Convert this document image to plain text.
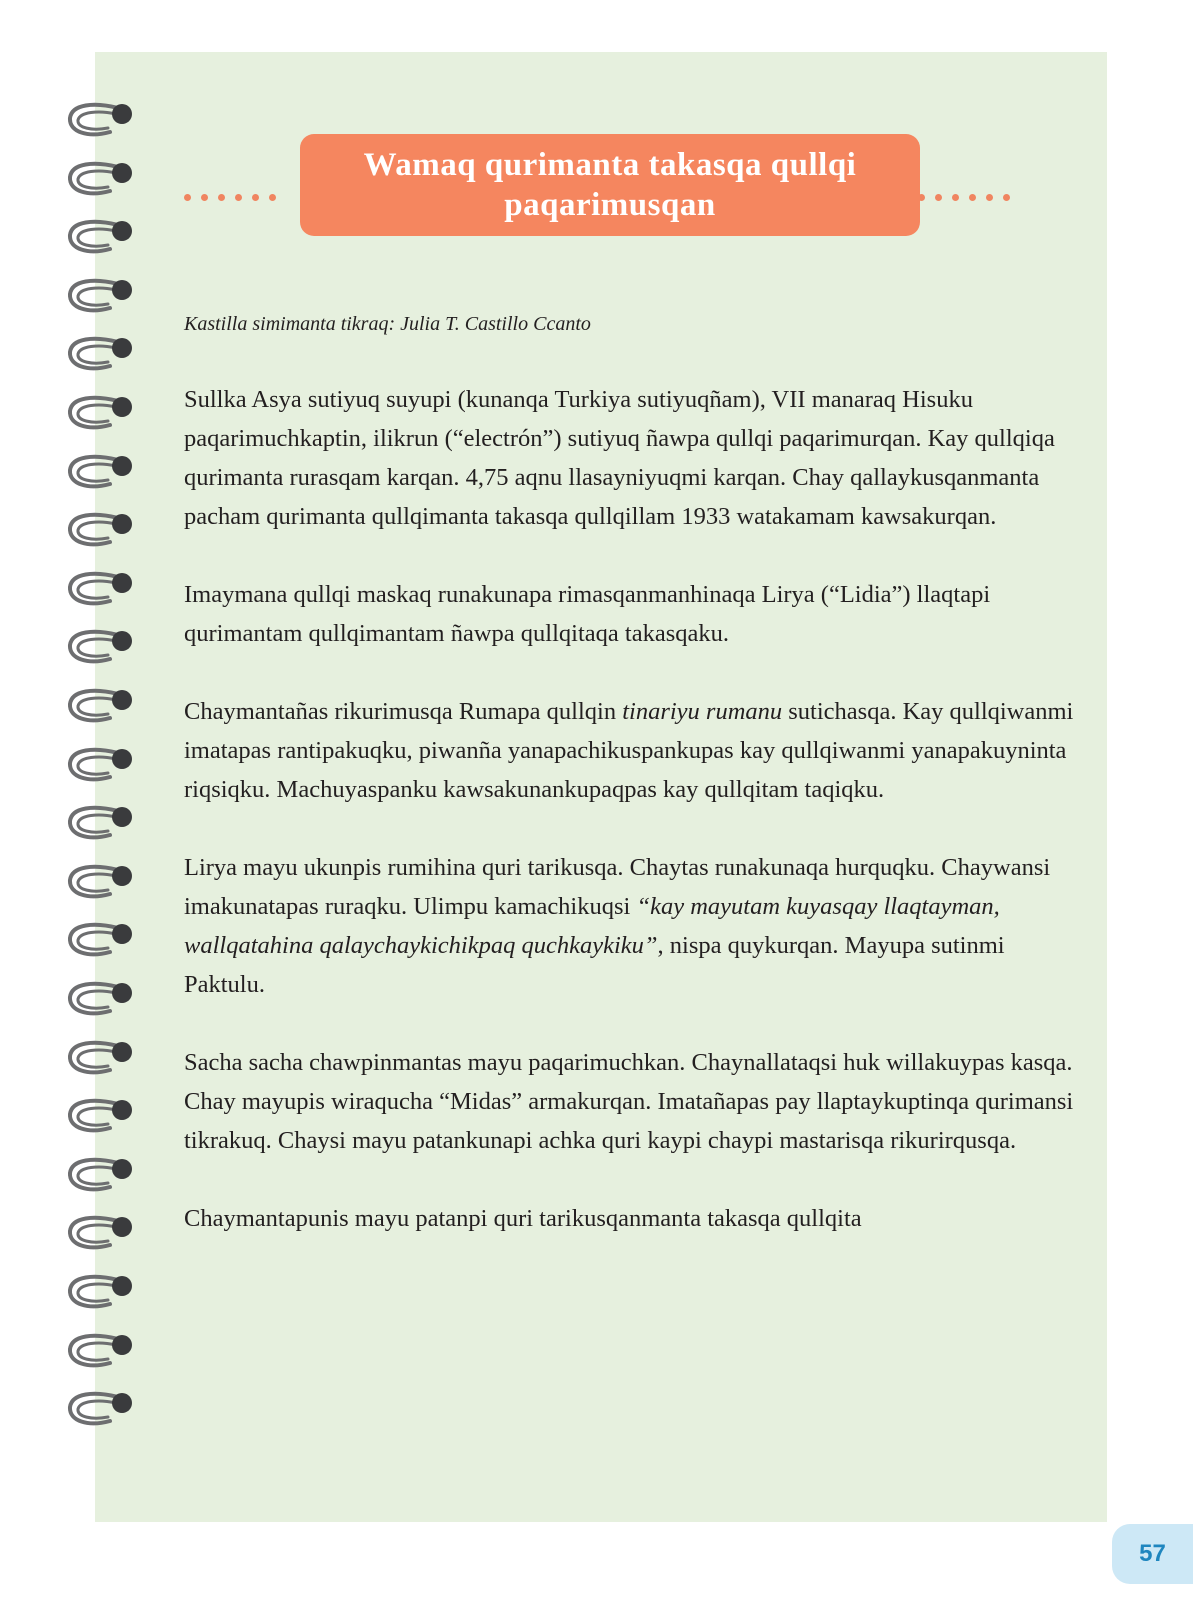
Wamaq qurimanta takasqa qullqi paqarimusqan
Kastilla simimanta tikraq: Julia T. Castillo Ccanto

Sullka Asya sutiyuq suyupi (kunanqa Turkiya sutiyuqñam), VII manaraq Hisuku paqarimuchkaptin, ilikrun (“electrón”) sutiyuq ñawpa qullqi paqarimurqan. Kay qullqiqa qurimanta rurasqam karqan. 4,75 aqnu llasayniyuqmi karqan. Chay qallaykusqanmanta pacham qurimanta qullqimanta takasqa qullqillam 1933 watakamam kawsakurqan.

Imaymana qullqi maskaq runakunapa rimasqanmanhinaqa Lirya (“Lidia”) llaqtapi qurimantam qullqimantam ñawpa qullqitaqa takasqaku.

Chaymantañas rikurimusqa Rumapa qullqin tinariyu rumanu sutichasqa. Kay qullqiwanmi imatapas rantipakuqku, piwanña yanapachikuspankupas kay qullqiwanmi yanapakuyninta riqsiqku. Machuyaspanku kawsakunankupaqpas kay qullqitam taqiqku.

Lirya mayu ukunpis rumihina quri tarikusqa. Chaytas runakunaqa hurquqku. Chaywansi imakunatapas ruraqku. Ulimpu kamachikuqsi “kay mayutam kuyasqay llaqtayman, wallqatahina qalaychaykichikpaq quchkaykiku”, nispa quykurqan. Mayupa sutinmi Paktulu.

Sacha sacha chawpinmantas mayu paqarimuchkan. Chaynallataqsi huk willakuypas kasqa. Chay mayupis wiraqucha “Midas” armakurqan. Imatañapas pay llaptaykuptinqa qurimansi tikrakuq. Chaysi mayu patankunapi achka quri kaypi chaypi mastarisqa rikurirqusqa.

Chaymantapunis mayu patanpi quri tarikusqanmanta takasqa qullqita

57
